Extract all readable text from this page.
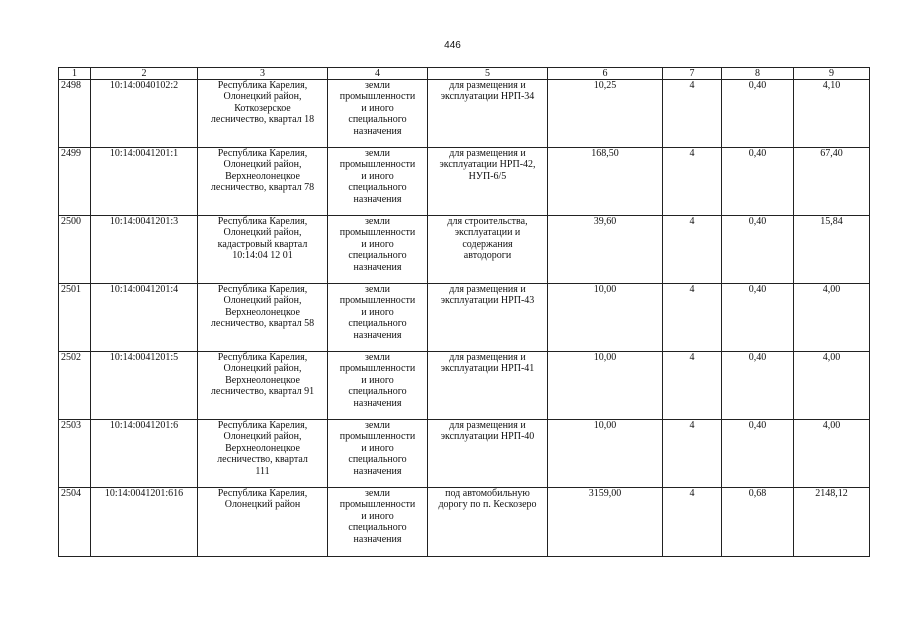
446
1	2	3	4	5	6	7	8	9
2498	10:14:0040102:2	Республика Карелия,
Олонецкий район,
Коткозерское
лесничество, квартал 18	земли
промышленности
и иного
специального
назначения	для размещения и
эксплуатации НРП-34	10,25	4	0,40	4,10
2499	10:14:0041201:1	Республика Карелия,
Олонецкий район,
Верхнеолонецкое
лесничество, квартал 78	земли
промышленности
и иного
специального
назначения	для размещения и
эксплуатации НРП-42,
НУП-6/5	168,50	4	0,40	67,40
2500	10:14:0041201:3	Республика Карелия,
Олонецкий район,
кадастровый квартал
10:14:04 12 01	земли
промышленности
и иного
специального
назначения	для строительства,
эксплуатации и
содержания
автодороги	39,60	4	0,40	15,84
2501	10:14:0041201:4	Республика Карелия,
Олонецкий район,
Верхнеолонецкое
лесничество, квартал 58	земли
промышленности
и иного
специального
назначения	для размещения и
эксплуатации НРП-43	10,00	4	0,40	4,00
2502	10:14:0041201:5	Республика Карелия,
Олонецкий район,
Верхнеолонецкое
лесничество, квартал 91	земли
промышленности
и иного
специального
назначения	для размещения и
эксплуатации НРП-41	10,00	4	0,40	4,00
2503	10:14:0041201:6	Республика Карелия,
Олонецкий район,
Верхнеолонецкое
лесничество, квартал
111	земли
промышленности
и иного
специального
назначения	для размещения и
эксплуатации НРП-40	10,00	4	0,40	4,00
2504	10:14:0041201:616	Республика Карелия,
Олонецкий район	земли
промышленности
и иного
специального
назначения	под автомобильную
дорогу по п. Кескозеро	3159,00	4	0,68	2148,12
